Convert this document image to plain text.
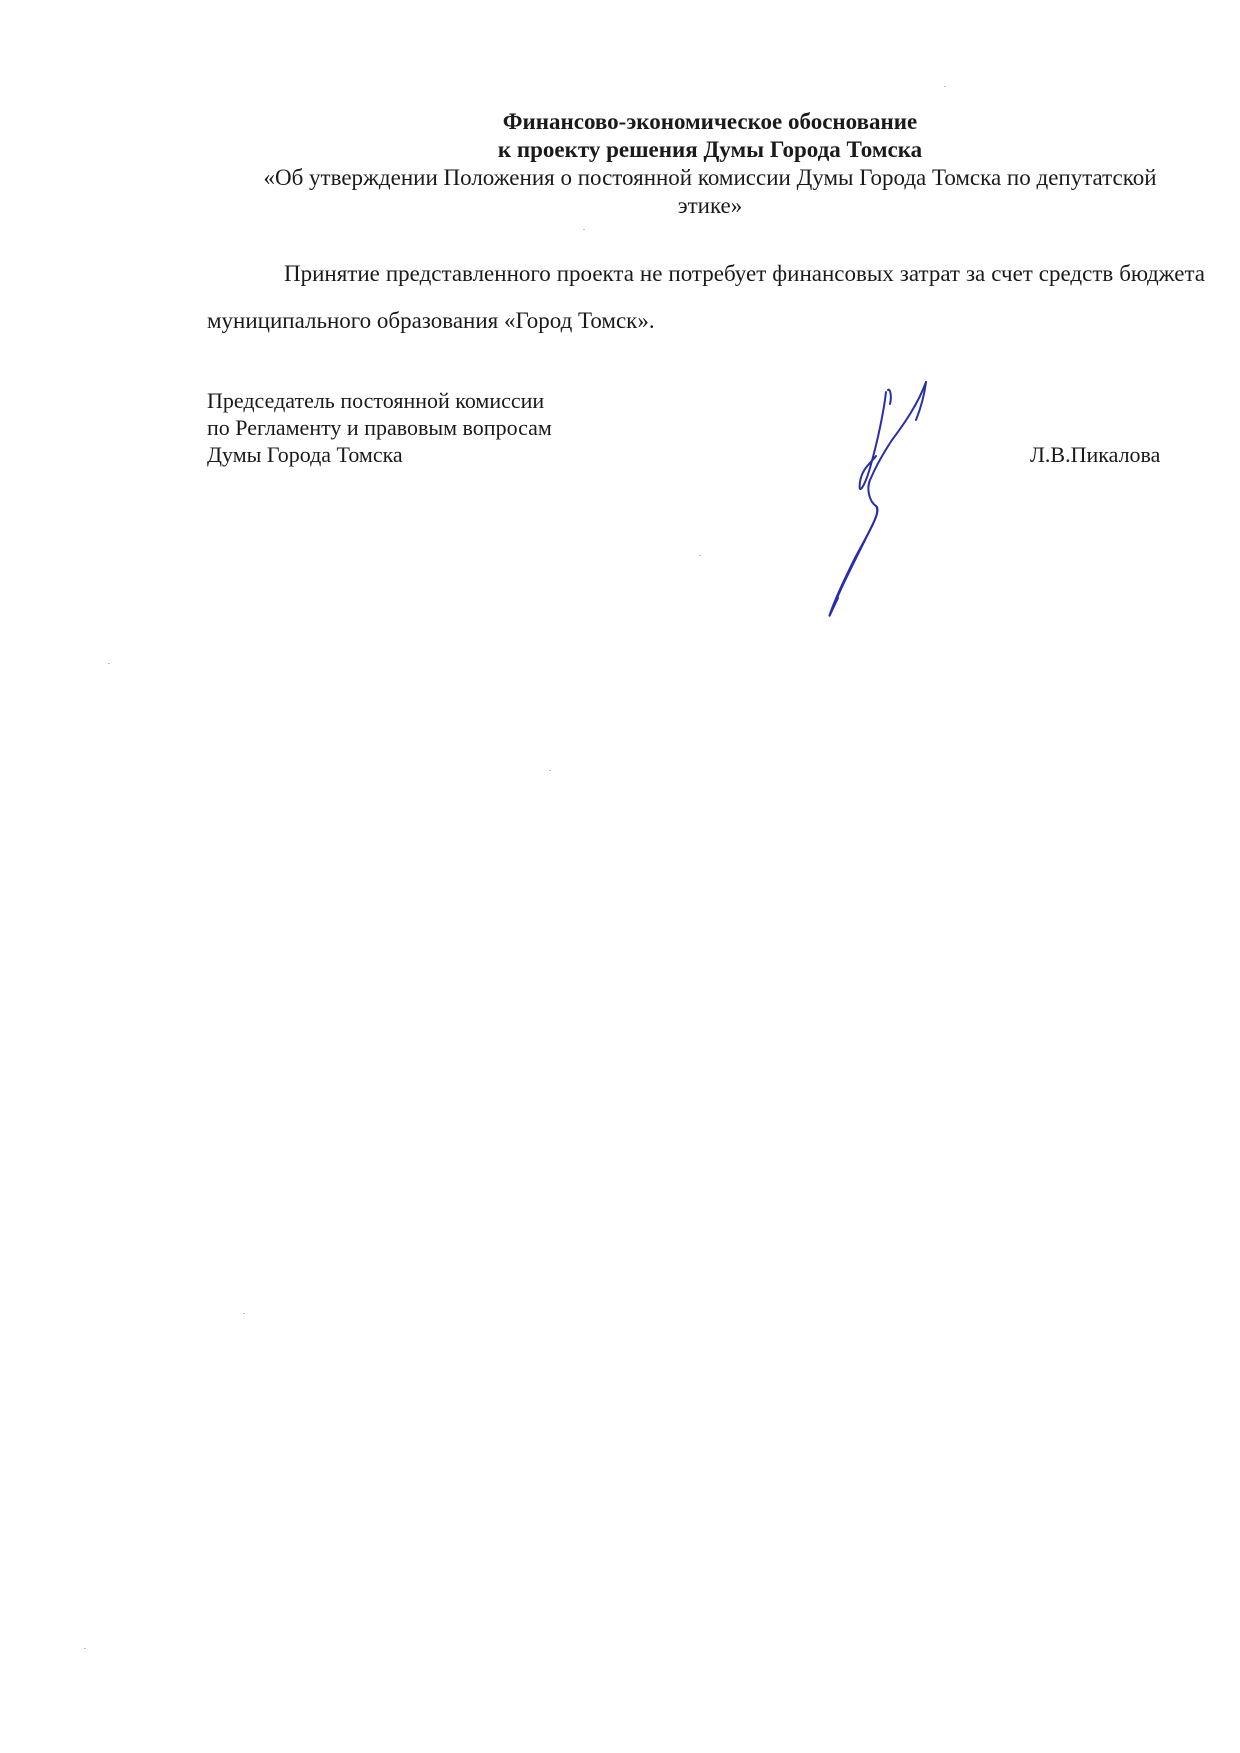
Финансово-экономическое обоснование
к проекту решения Думы Города Томска
«Об утверждении Положения о постоянной комиссии Думы Города Томска по депутатской
этике»

Принятие представленного проекта не потребует финансовых затрат за счет средств бюджета муниципального образования «Город Томск».

Председатель постоянной комиссии
по Регламенту и правовым вопросам
Думы Города Томска	Л.В.Пикалова
